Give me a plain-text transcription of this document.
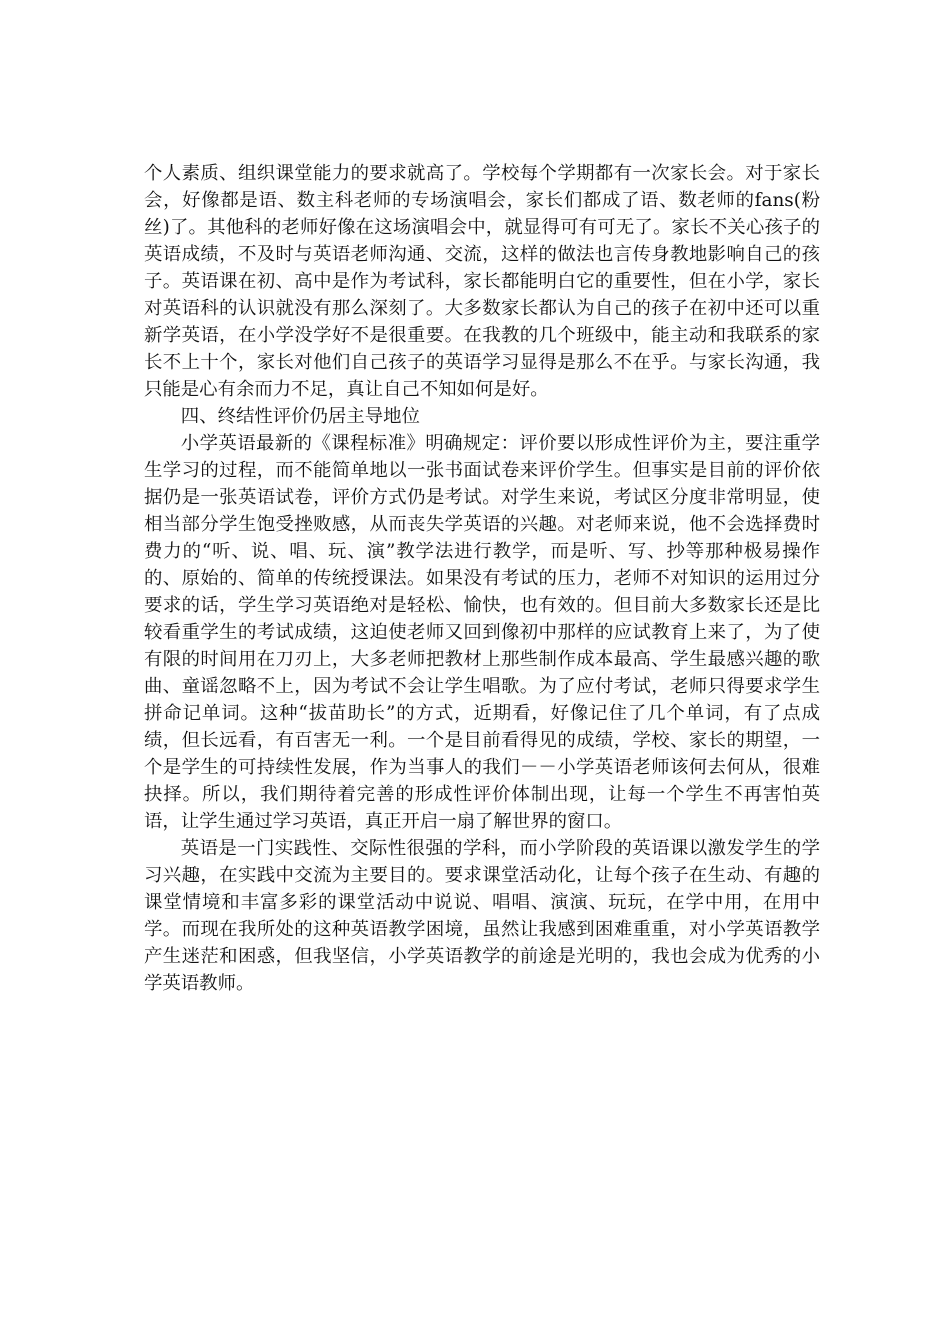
个人素质、组织课堂能力的要求就高了。学校每个学期都有一次家长会。对于家长会，好像都是语、数主科老师的专场演唱会，家长们都成了语、数老师的fans(粉丝)了。其他科的老师好像在这场演唱会中，就显得可有可无了。家长不关心孩子的英语成绩，不及时与英语老师沟通、交流，这样的做法也言传身教地影响自己的孩子。英语课在初、高中是作为考试科，家长都能明白它的重要性，但在小学，家长对英语科的认识就没有那么深刻了。大多数家长都认为自己的孩子在初中还可以重新学英语，在小学没学好不是很重要。在我教的几个班级中，能主动和我联系的家长不上十个，家长对他们自己孩子的英语学习显得是那么不在乎。与家长沟通，我只能是心有余而力不足，真让自己不知如何是好。

四、终结性评价仍居主导地位

小学英语最新的《课程标准》明确规定：评价要以形成性评价为主，要注重学生学习的过程，而不能简单地以一张书面试卷来评价学生。但事实是目前的评价依据仍是一张英语试卷，评价方式仍是考试。对学生来说，考试区分度非常明显，使相当部分学生饱受挫败感，从而丧失学英语的兴趣。对老师来说，他不会选择费时费力的“听、说、唱、玩、演”教学法进行教学，而是听、写、抄等那种极易操作的、原始的、简单的传统授课法。如果没有考试的压力，老师不对知识的运用过分要求的话，学生学习英语绝对是轻松、愉快，也有效的。但目前大多数家长还是比较看重学生的考试成绩，这迫使老师又回到像初中那样的应试教育上来了，为了使有限的时间用在刀刃上，大多老师把教材上那些制作成本最高、学生最感兴趣的歌曲、童谣忽略不上，因为考试不会让学生唱歌。为了应付考试，老师只得要求学生拼命记单词。这种“拔苗助长”的方式，近期看，好像记住了几个单词，有了点成绩，但长远看，有百害无一利。一个是目前看得见的成绩，学校、家长的期望，一个是学生的可持续性发展，作为当事人的我们－－小学英语老师该何去何从，很难抉择。所以，我们期待着完善的形成性评价体制出现，让每一个学生不再害怕英语，让学生通过学习英语，真正开启一扇了解世界的窗口。

英语是一门实践性、交际性很强的学科，而小学阶段的英语课以激发学生的学习兴趣，在实践中交流为主要目的。要求课堂活动化，让每个孩子在生动、有趣的课堂情境和丰富多彩的课堂活动中说说、唱唱、演演、玩玩，在学中用，在用中学。而现在我所处的这种英语教学困境，虽然让我感到困难重重，对小学英语教学产生迷茫和困惑，但我坚信，小学英语教学的前途是光明的，我也会成为优秀的小学英语教师。
